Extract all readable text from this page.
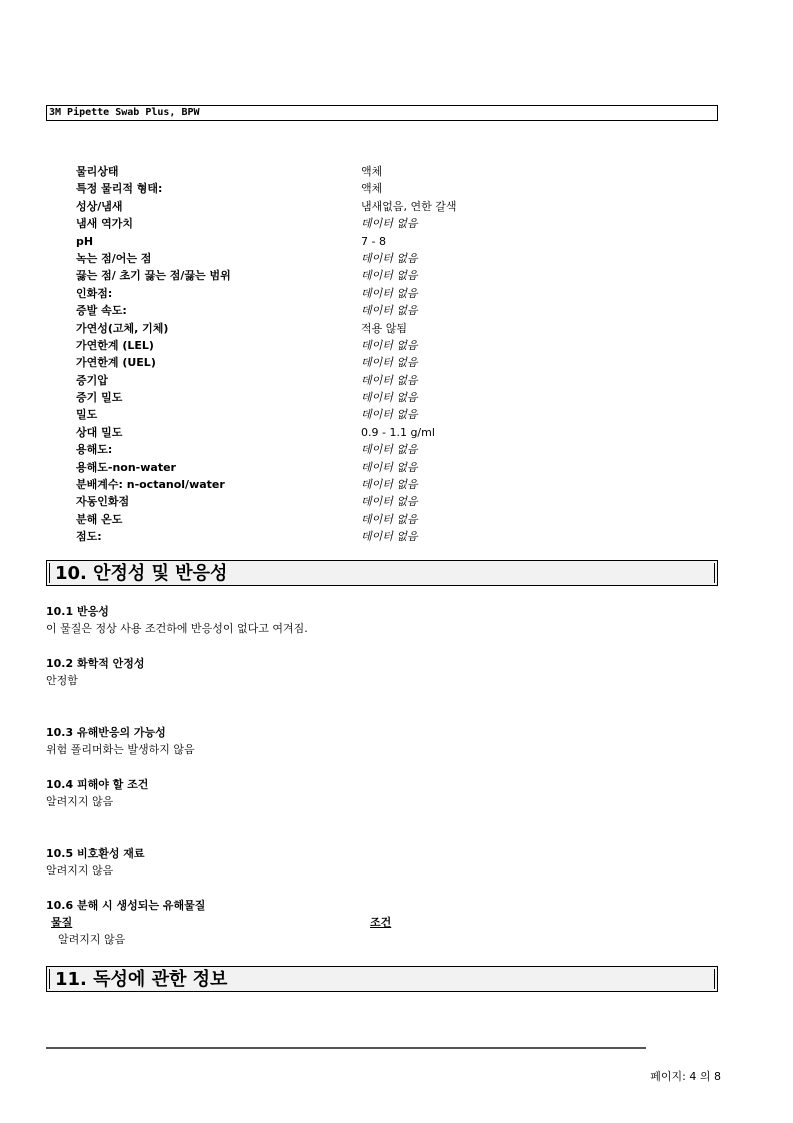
3M Pipette Swab Plus, BPW
물리상태	액체
특정 물리적 형태:	액체
성상/냄새	냄새없음, 연한 갈색
냄새 역가치	데이터 없음
pH	7 - 8
녹는 점/어는 점	데이터 없음
끓는 점/ 초기 끓는 점/끓는 범위	데이터 없음
인화점:	데이터 없음
증발 속도:	데이터 없음
가연성(고체, 기체)	적용 않됨
가연한계 (LEL)	데이터 없음
가연한계 (UEL)	데이터 없음
증기압	데이터 없음
증기 밀도	데이터 없음
밀도	데이터 없음
상대 밀도	0.9 - 1.1 g/ml
용해도:	데이터 없음
용해도-non-water	데이터 없음
분배계수: n-octanol/water	데이터 없음
자동인화점	데이터 없음
분해 온도	데이터 없음
점도:	데이터 없음
10. 안정성 및 반응성
10.1 반응성
이 물질은 정상 사용 조건하에 반응성이 없다고 여겨짐.
10.2 화학적 안정성
안정함
10.3 유해반응의 가능성
위험 폴리머화는 발생하지 않음
10.4 피해야 할 조건
알려지지 않음
10.5 비호환성 재료
알려지지 않음
10.6 분해 시 생성되는 유해물질
물질	조건
알려지지 않음
11. 독성에 관한 정보
페이지: 4 의 8
